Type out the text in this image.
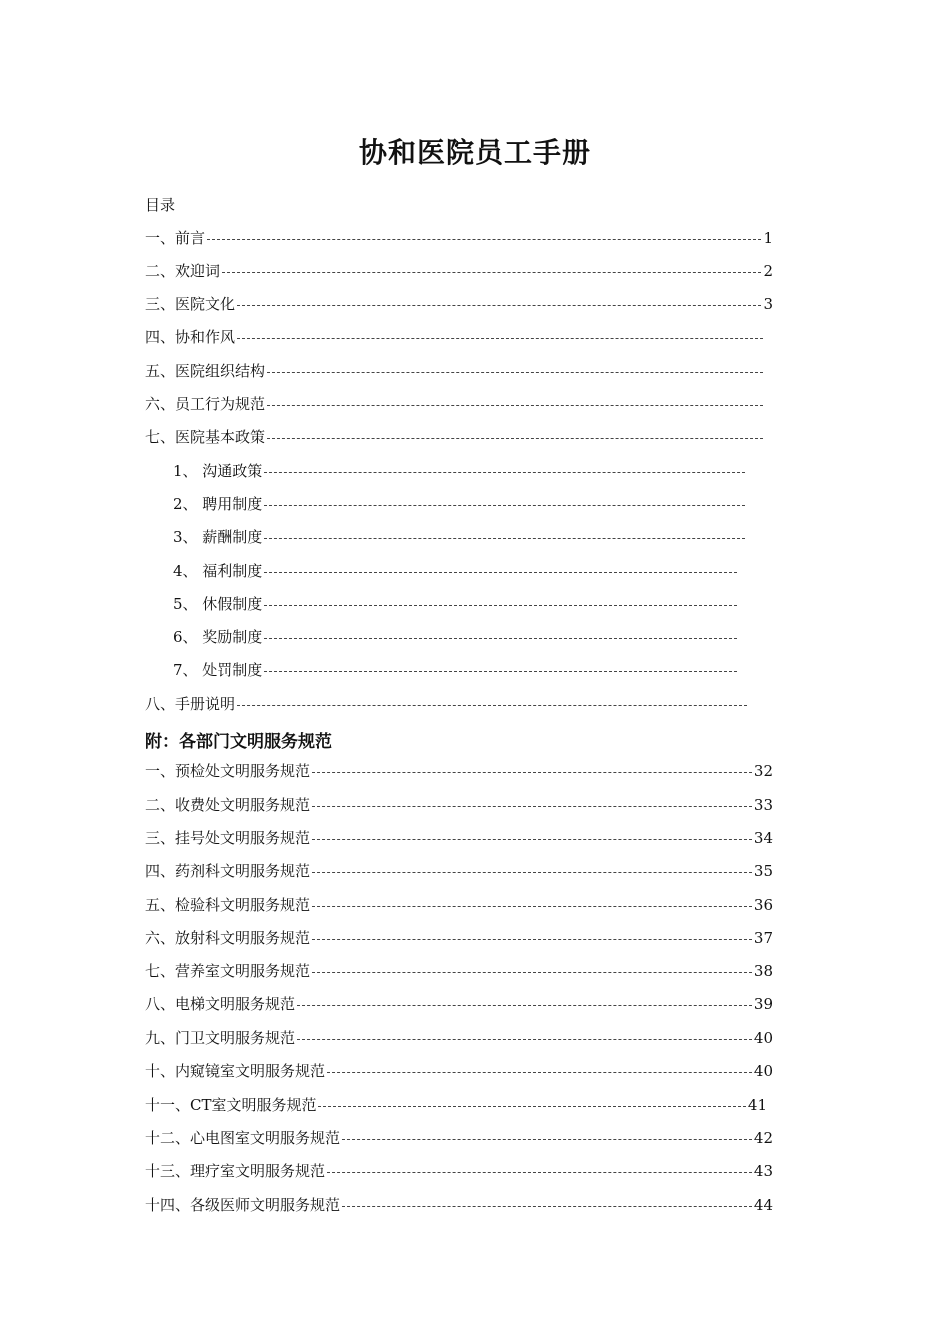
协和医院员工手册
目录
一、前言	1
二、欢迎词	2
三、医院文化	3
四、协和作风
五、医院组织结构
六、员工行为规范
七、医院基本政策
1、 沟通政策
2、 聘用制度
3、 薪酬制度
4、 福利制度
5、 休假制度
6、 奖励制度
7、 处罚制度
八、手册说明
附：各部门文明服务规范
一、预检处文明服务规范	32
二、收费处文明服务规范	33
三、挂号处文明服务规范	34
四、药剂科文明服务规范	35
五、检验科文明服务规范	36
六、放射科文明服务规范	37
七、营养室文明服务规范	38
八、电梯文明服务规范	39
九、门卫文明服务规范	40
十、内窥镜室文明服务规范	40
十一、CT室文明服务规范	41
十二、心电图室文明服务规范	42
十三、理疗室文明服务规范	43
十四、各级医师文明服务规范	44
